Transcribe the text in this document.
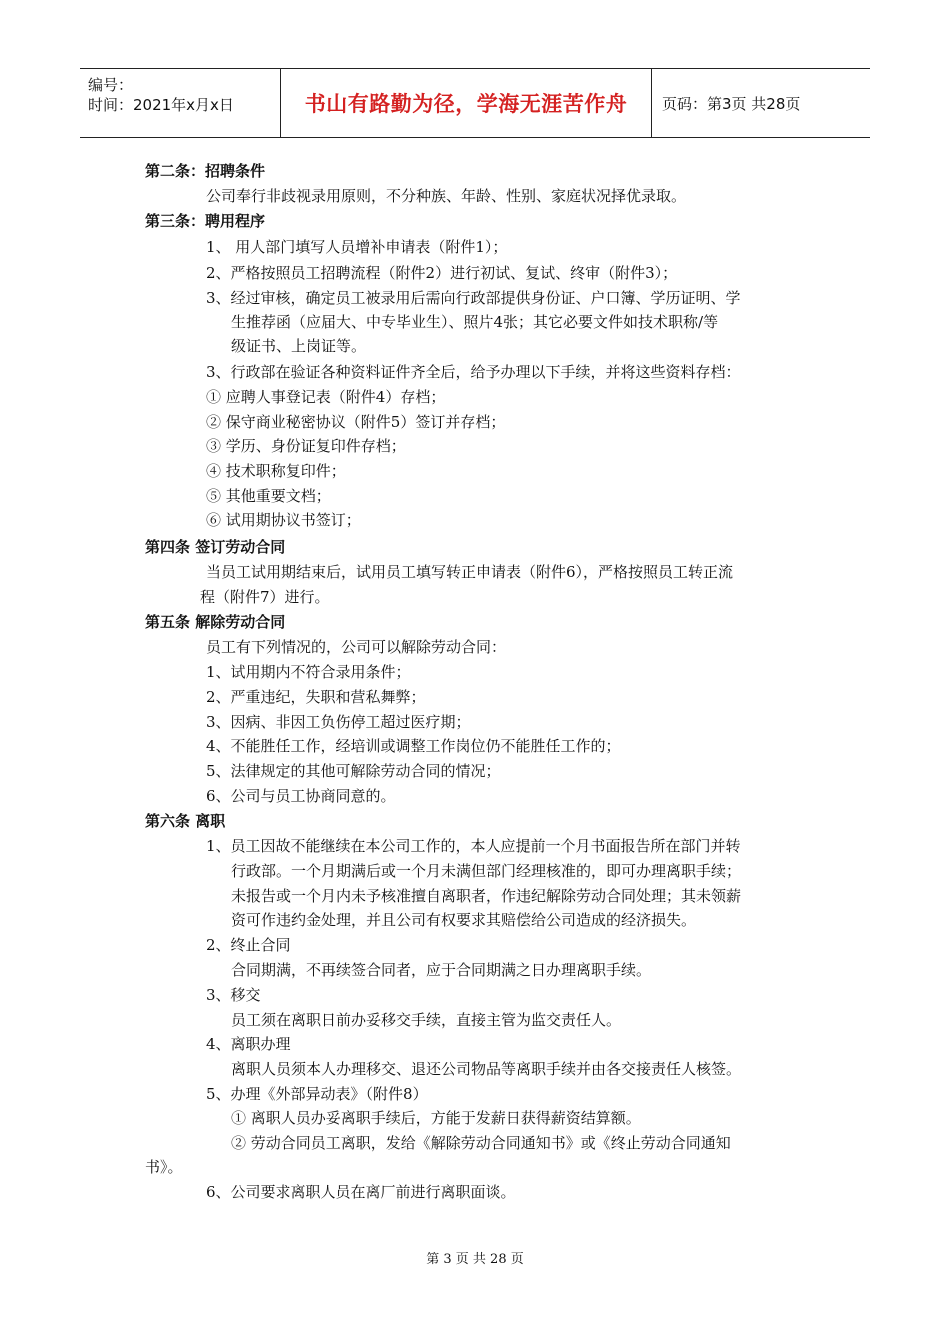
编号：
时间：2021年x月x日	书山有路勤为径，学海无涯苦作舟 页码：第3页 共28页
第二条：招聘条件
公司奉行非歧视录用原则，不分种族、年龄、性别、家庭状况择优录取。
第三条：聘用程序
1、 用人部门填写人员增补申请表（附件1）；
2、严格按照员工招聘流程（附件2）进行初试、复试、终审（附件3）；
3、经过审核，确定员工被录用后需向行政部提供身份证、户口簿、学历证明、学
生推荐函（应届大、中专毕业生）、照片4张；其它必要文件如技术职称/等
级证书、上岗证等。
3、行政部在验证各种资料证件齐全后，给予办理以下手续，并将这些资料存档：
① 应聘人事登记表（附件4）存档；
② 保守商业秘密协议（附件5）签订并存档；
③ 学历、身份证复印件存档；
④ 技术职称复印件；
⑤ 其他重要文档；
⑥ 试用期协议书签订；
第四条 签订劳动合同
当员工试用期结束后，试用员工填写转正申请表（附件6），严格按照员工转正流
程（附件7）进行。
第五条 解除劳动合同
员工有下列情况的，公司可以解除劳动合同：
1、试用期内不符合录用条件；
2、严重违纪，失职和营私舞弊；
3、因病、非因工负伤停工超过医疗期；
4、不能胜任工作，经培训或调整工作岗位仍不能胜任工作的；
5、法律规定的其他可解除劳动合同的情况；
6、公司与员工协商同意的。
第六条 离职
1、员工因故不能继续在本公司工作的，本人应提前一个月书面报告所在部门并转
行政部。一个月期满后或一个月未满但部门经理核准的，即可办理离职手续；
未报告或一个月内未予核准擅自离职者，作违纪解除劳动合同处理；其未领薪
资可作违约金处理，并且公司有权要求其赔偿给公司造成的经济损失。
2、终止合同
合同期满，不再续签合同者，应于合同期满之日办理离职手续。
3、移交
员工须在离职日前办妥移交手续，直接主管为监交责任人。
4、离职办理
离职人员须本人办理移交、退还公司物品等离职手续并由各交接责任人核签。
5、办理《外部异动表》（附件8）
① 离职人员办妥离职手续后，方能于发薪日获得薪资结算额。
② 劳动合同员工离职，发给《解除劳动合同通知书》或《终止劳动合同通知
书》。
6、公司要求离职人员在离厂前进行离职面谈。
第 3 页 共 28 页
